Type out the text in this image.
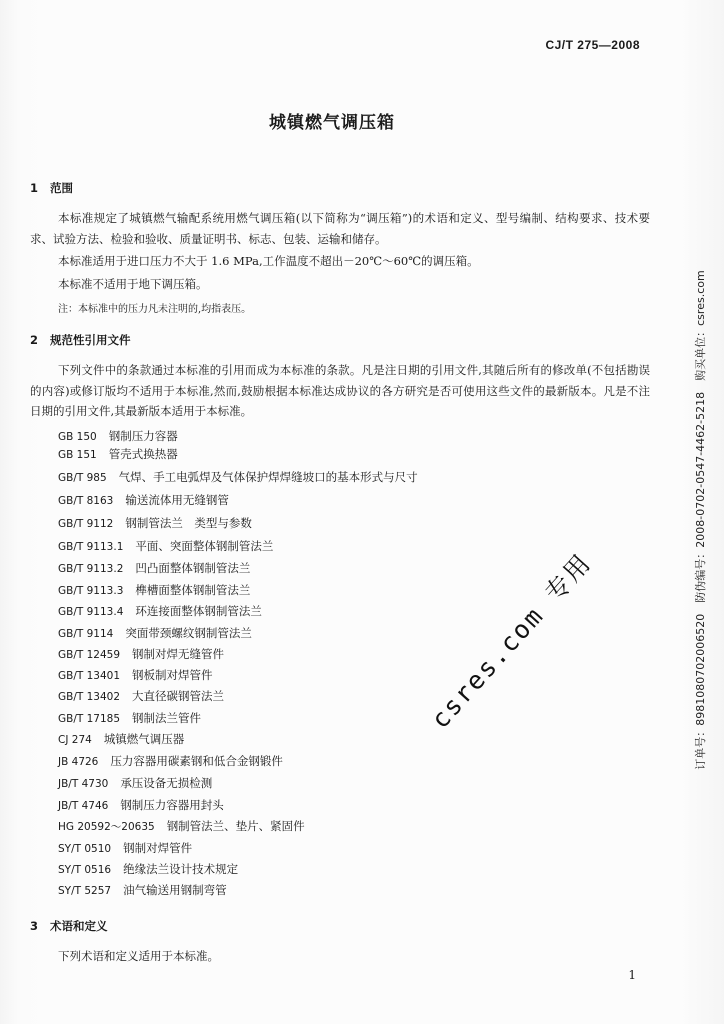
CJ/T 275—2008
城镇燃气调压箱
1 范围
本标准规定了城镇燃气输配系统用燃气调压箱(以下简称为“调压箱”)的术语和定义、型号编制、结构要求、技术要求、试验方法、检验和验收、质量证明书、标志、包装、运输和储存。
本标准适用于进口压力不大于 1.6 MPa,工作温度不超出－20℃～60℃的调压箱。
本标准不适用于地下调压箱。
注：本标准中的压力凡未注明的,均指表压。
2 规范性引用文件
下列文件中的条款通过本标准的引用而成为本标准的条款。凡是注日期的引用文件,其随后所有的修改单(不包括勘误的内容)或修订版均不适用于本标准,然而,鼓励根据本标准达成协议的各方研究是否可使用这些文件的最新版本。凡是不注日期的引用文件,其最新版本适用于本标准。
GB 150 钢制压力容器
GB 151 管壳式换热器
GB/T 985 气焊、手工电弧焊及气体保护焊焊缝坡口的基本形式与尺寸
GB/T 8163 输送流体用无缝钢管
GB/T 9112 钢制管法兰　类型与参数
GB/T 9113.1 平面、突面整体钢制管法兰
GB/T 9113.2 凹凸面整体钢制管法兰
GB/T 9113.3 榫槽面整体钢制管法兰
GB/T 9113.4 环连接面整体钢制管法兰
GB/T 9114 突面带颈螺纹钢制管法兰
GB/T 12459 钢制对焊无缝管件
GB/T 13401 钢板制对焊管件
GB/T 13402 大直径碳钢管法兰
GB/T 17185 钢制法兰管件
CJ 274 城镇燃气调压器
JB 4726 压力容器用碳素钢和低合金钢锻件
JB/T 4730 承压设备无损检测
JB/T 4746 钢制压力容器用封头
HG 20592～20635 钢制管法兰、垫片、紧固件
SY/T 0510 钢制对焊管件
SY/T 0516 绝缘法兰设计技术规定
SY/T 5257 油气输送用钢制弯管
3 术语和定义
下列术语和定义适用于本标准。
1
订单号：89810807020065​20　防伪编号：2008-0702-0547-4462-5218　购买单位：csres.com
csres.com 专用
